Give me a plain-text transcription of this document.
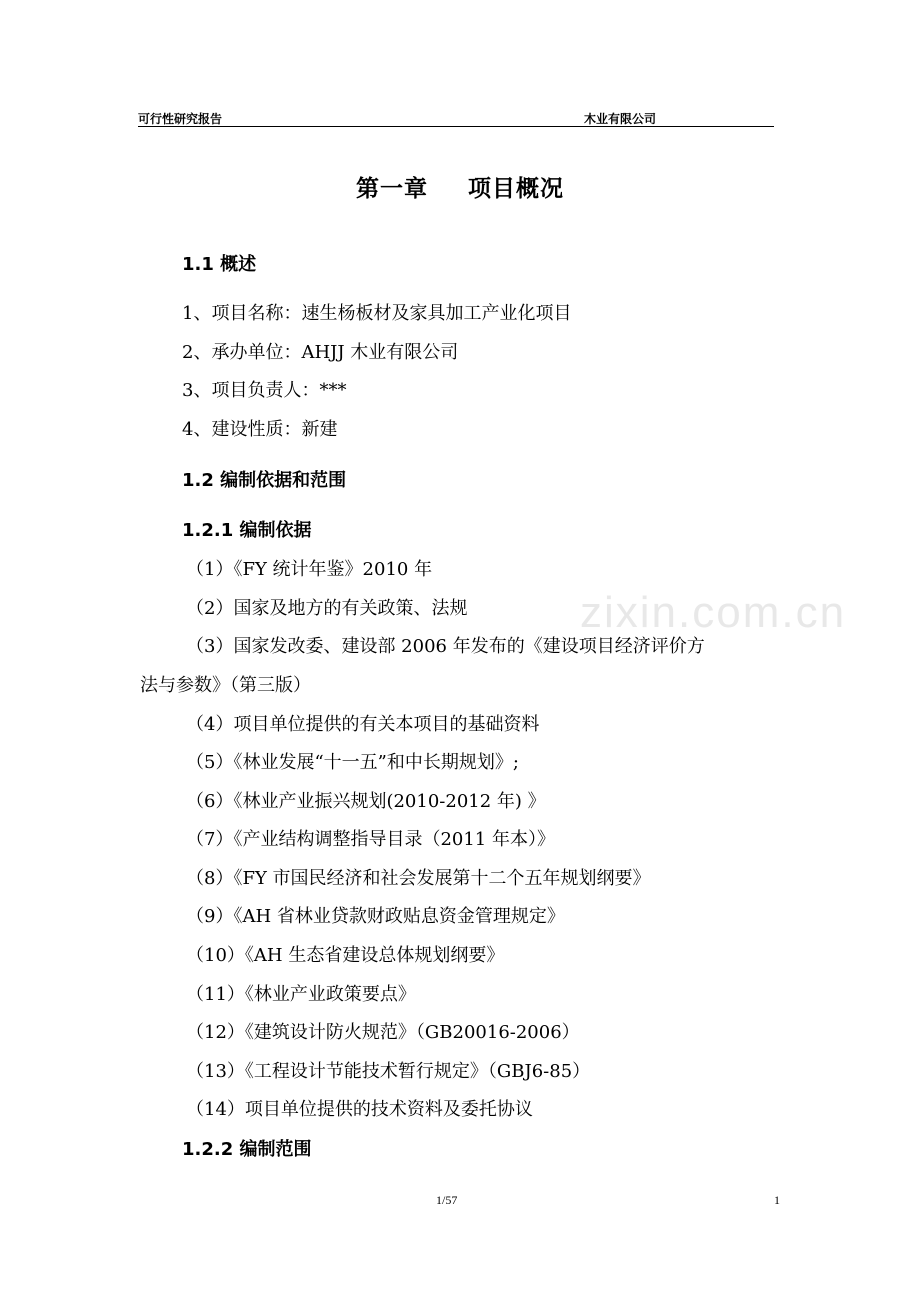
可行性研究报告	木业有限公司
第一章 项目概况
zixin.com.cn
1.1 概述
1、项目名称：速生杨板材及家具加工产业化项目
2、承办单位：AHJJ 木业有限公司
3、项目负责人：***
4、建设性质：新建
1.2 编制依据和范围
1.2.1 编制依据
（1）《FY 统计年鉴》2010 年
（2）国家及地方的有关政策、法规
（3）国家发改委、建设部 2006 年发布的《建设项目经济评价方
法与参数》（第三版）
（4）项目单位提供的有关本项目的基础资料
（5）《林业发展“十一五”和中长期规划》;
（6）《林业产业振兴规划(2010-2012 年) 》
（7）《产业结构调整指导目录（2011 年本）》
（8）《FY 市国民经济和社会发展第十二个五年规划纲要》
（9）《AH 省林业贷款财政贴息资金管理规定》
（10）《AH 生态省建设总体规划纲要》
（11）《林业产业政策要点》
（12）《建筑设计防火规范》（GB20016-2006）
（13）《工程设计节能技术暂行规定》（GBJ6-85）
（14）项目单位提供的技术资料及委托协议
1.2.2 编制范围
1/57	1
